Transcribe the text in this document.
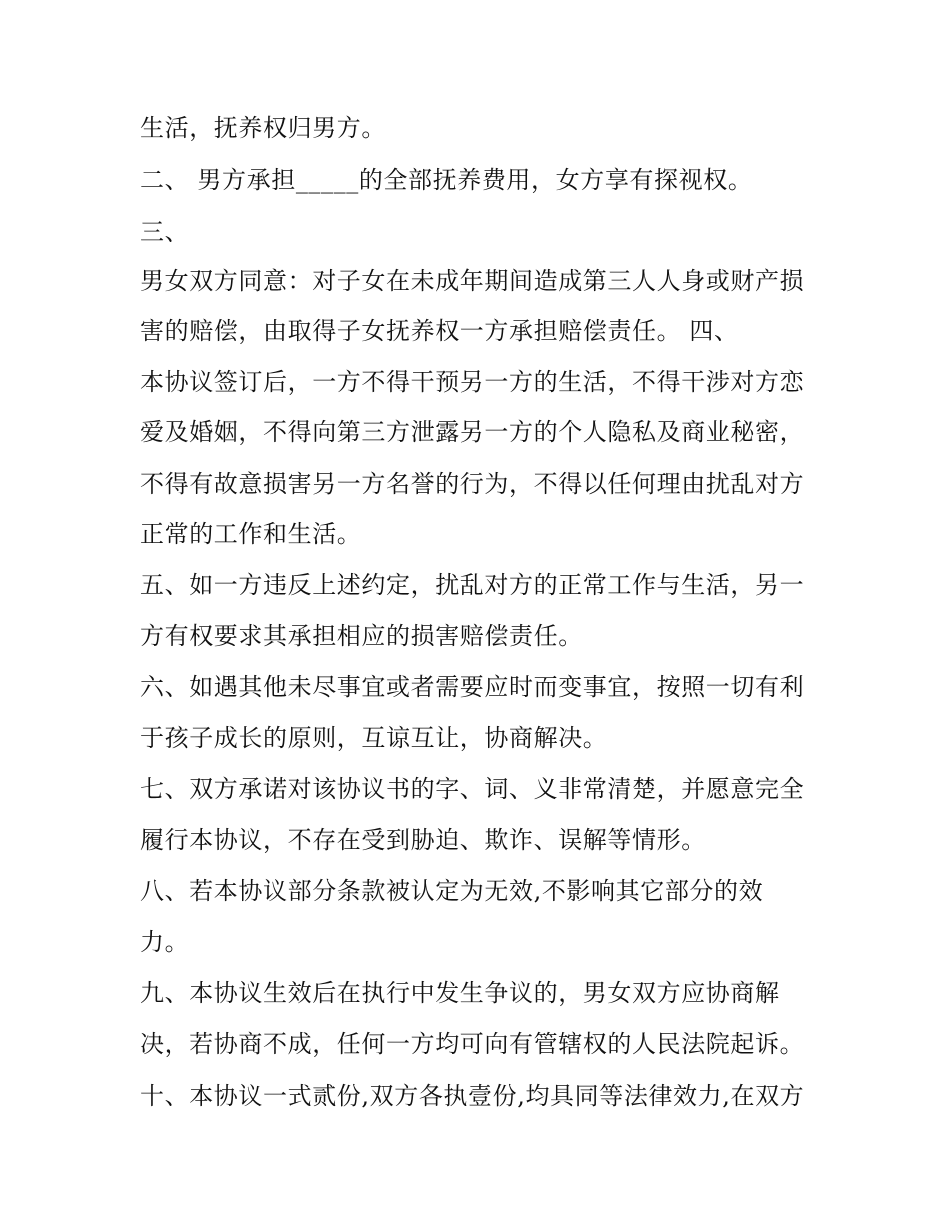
生活，抚养权归男方。
二、 男方承担_____的全部抚养费用，女方享有探视权。
三、
男女双方同意：对子女在未成年期间造成第三人人身或财产损
害的赔偿，由取得子女抚养权一方承担赔偿责任。 四、
本协议签订后，一方不得干预另一方的生活，不得干涉对方恋
爱及婚姻，不得向第三方泄露另一方的个人隐私及商业秘密，
不得有故意损害另一方名誉的行为，不得以任何理由扰乱对方
正常的工作和生活。
五、如一方违反上述约定，扰乱对方的正常工作与生活，另一
方有权要求其承担相应的损害赔偿责任。
六、如遇其他未尽事宜或者需要应时而变事宜，按照一切有利
于孩子成长的原则，互谅互让，协商解决。
七、双方承诺对该协议书的字、词、义非常清楚，并愿意完全
履行本协议，不存在受到胁迫、欺诈、误解等情形。
八、若本协议部分条款被认定为无效,不影响其它部分的效
力。
九、本协议生效后在执行中发生争议的，男女双方应协商解
决，若协商不成，任何一方均可向有管辖权的人民法院起诉。
十、本协议一式贰份,双方各执壹份,均具同等法律效力,在双方
